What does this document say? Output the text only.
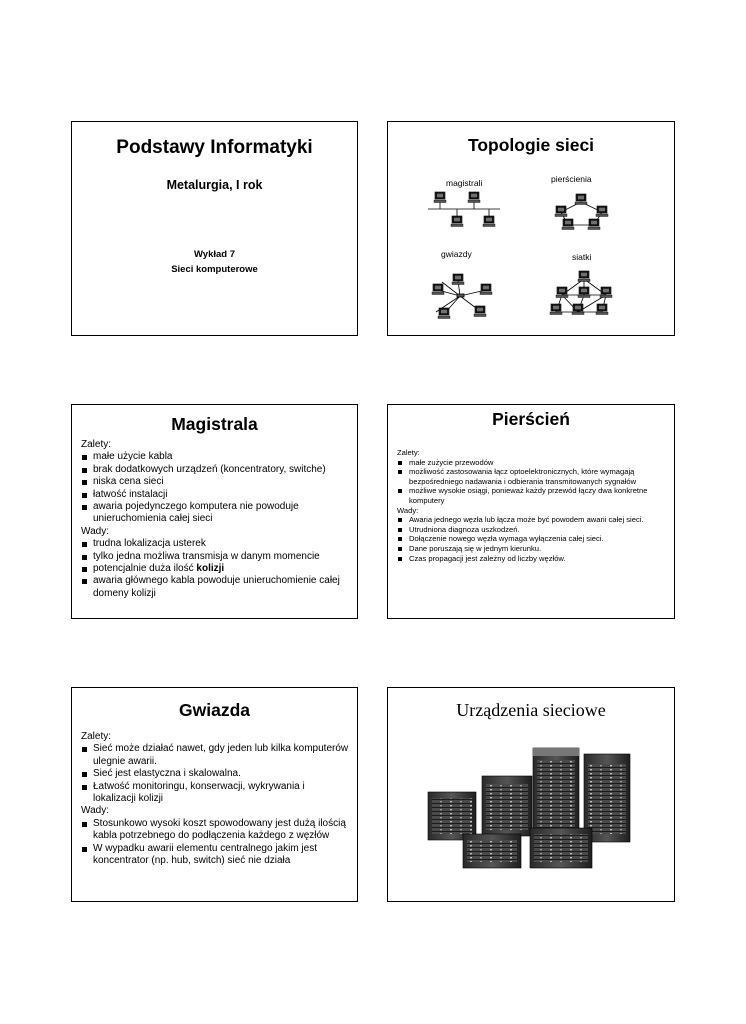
Podstawy Informatyki
Metalurgia, I rok
Wykład 7
Sieci komputerowe
Topologie sieci
magistrali	pierścienia
gwiazdy	siatki
Magistrala

Zalety:

małe użycie kabla
brak dodatkowych urządzeń (koncentratory, switche)
niska cena sieci
łatwość instalacji
awaria pojedynczego komputera nie powoduje unieruchomienia całej sieci

Wady:

trudna lokalizacja usterek
tylko jedna możliwa transmisja w danym momencie
potencjalnie duża ilość kolizji
awaria głównego kabla powoduje unieruchomienie całej domeny kolizji
Pierścień

Zalety:

małe zużycie przewodów
możliwość zastosowania łącz optoelektronicznych, które wymagają bezpośredniego nadawania i odbierania transmitowanych sygnałów
możliwe wysokie osiągi, ponieważ każdy przewód łączy dwa konkretne komputery

Wady:

Awaria jednego węzła lub łącza może być powodem awarii całej sieci.
Utrudniona diagnoza uszkodzeń.
Dołączenie nowego węzła wymaga wyłączenia całej sieci.
Dane poruszają się w jednym kierunku.
Czas propagacji jest zależny od liczby węzłów.
Gwiazda

Zalety:

Sieć może działać nawet, gdy jeden lub kilka komputerów ulegnie awarii.
Sieć jest elastyczna i skalowalna.
Łatwość monitoringu, konserwacji, wykrywania i lokalizacji kolizji

Wady:

Stosunkowo wysoki koszt spowodowany jest dużą ilością kabla potrzebnego do podłączenia każdego z węzłów
W wypadku awarii elementu centralnego jakim jest koncentrator (np. hub, switch) sieć nie działa
Urządzenia sieciowe
